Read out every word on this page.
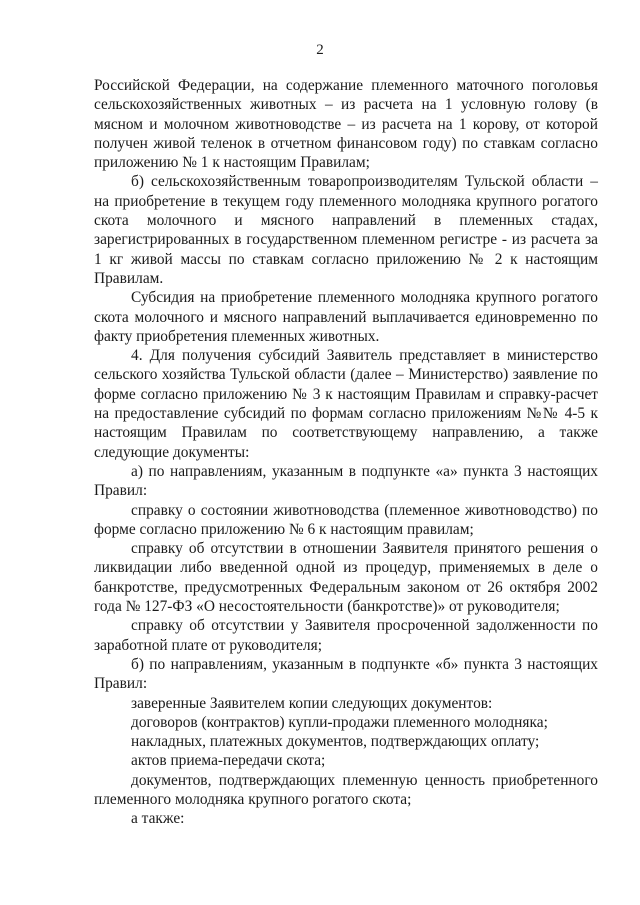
2

Российской Федерации, на содержание племенного маточного поголовья сельскохозяйственных животных – из расчета на 1 условную голову (в мясном и молочном животноводстве – из расчета на 1 корову, от которой получен живой теленок в отчетном финансовом году) по ставкам согласно приложению № 1 к настоящим Правилам;

б) сельскохозяйственным товаропроизводителям Тульской области – на приобретение в текущем году племенного молодняка крупного рогатого скота молочного и мясного направлений в племенных стадах, зарегистрированных в государственном племенном регистре - из расчета за 1 кг живой массы по ставкам согласно приложению № 2 к настоящим Правилам.

Субсидия на приобретение племенного молодняка крупного рогатого скота молочного и мясного направлений выплачивается единовременно по факту приобретения племенных животных.

4. Для получения субсидий Заявитель представляет в министерство сельского хозяйства Тульской области (далее – Министерство) заявление по форме согласно приложению № 3 к настоящим Правилам и справку-расчет на предоставление субсидий по формам согласно приложениям №№ 4-5 к настоящим Правилам по соответствующему направлению, а также следующие документы:

а) по направлениям, указанным в подпункте «а» пункта 3 настоящих Правил:

справку о состоянии животноводства (племенное животноводство) по форме согласно приложению № 6 к настоящим правилам;

справку об отсутствии в отношении Заявителя принятого решения о ликвидации либо введенной одной из процедур, применяемых в деле о банкротстве, предусмотренных Федеральным законом от 26 октября 2002 года № 127-ФЗ «О несостоятельности (банкротстве)» от руководителя;

справку об отсутствии у Заявителя просроченной задолженности по заработной плате от руководителя;

б) по направлениям, указанным в подпункте «б» пункта 3 настоящих Правил:

заверенные Заявителем копии следующих документов:

договоров (контрактов) купли-продажи племенного молодняка;

накладных, платежных документов, подтверждающих оплату;

актов приема-передачи скота;

документов, подтверждающих племенную ценность приобретенного племенного молодняка крупного рогатого скота;

а также:
